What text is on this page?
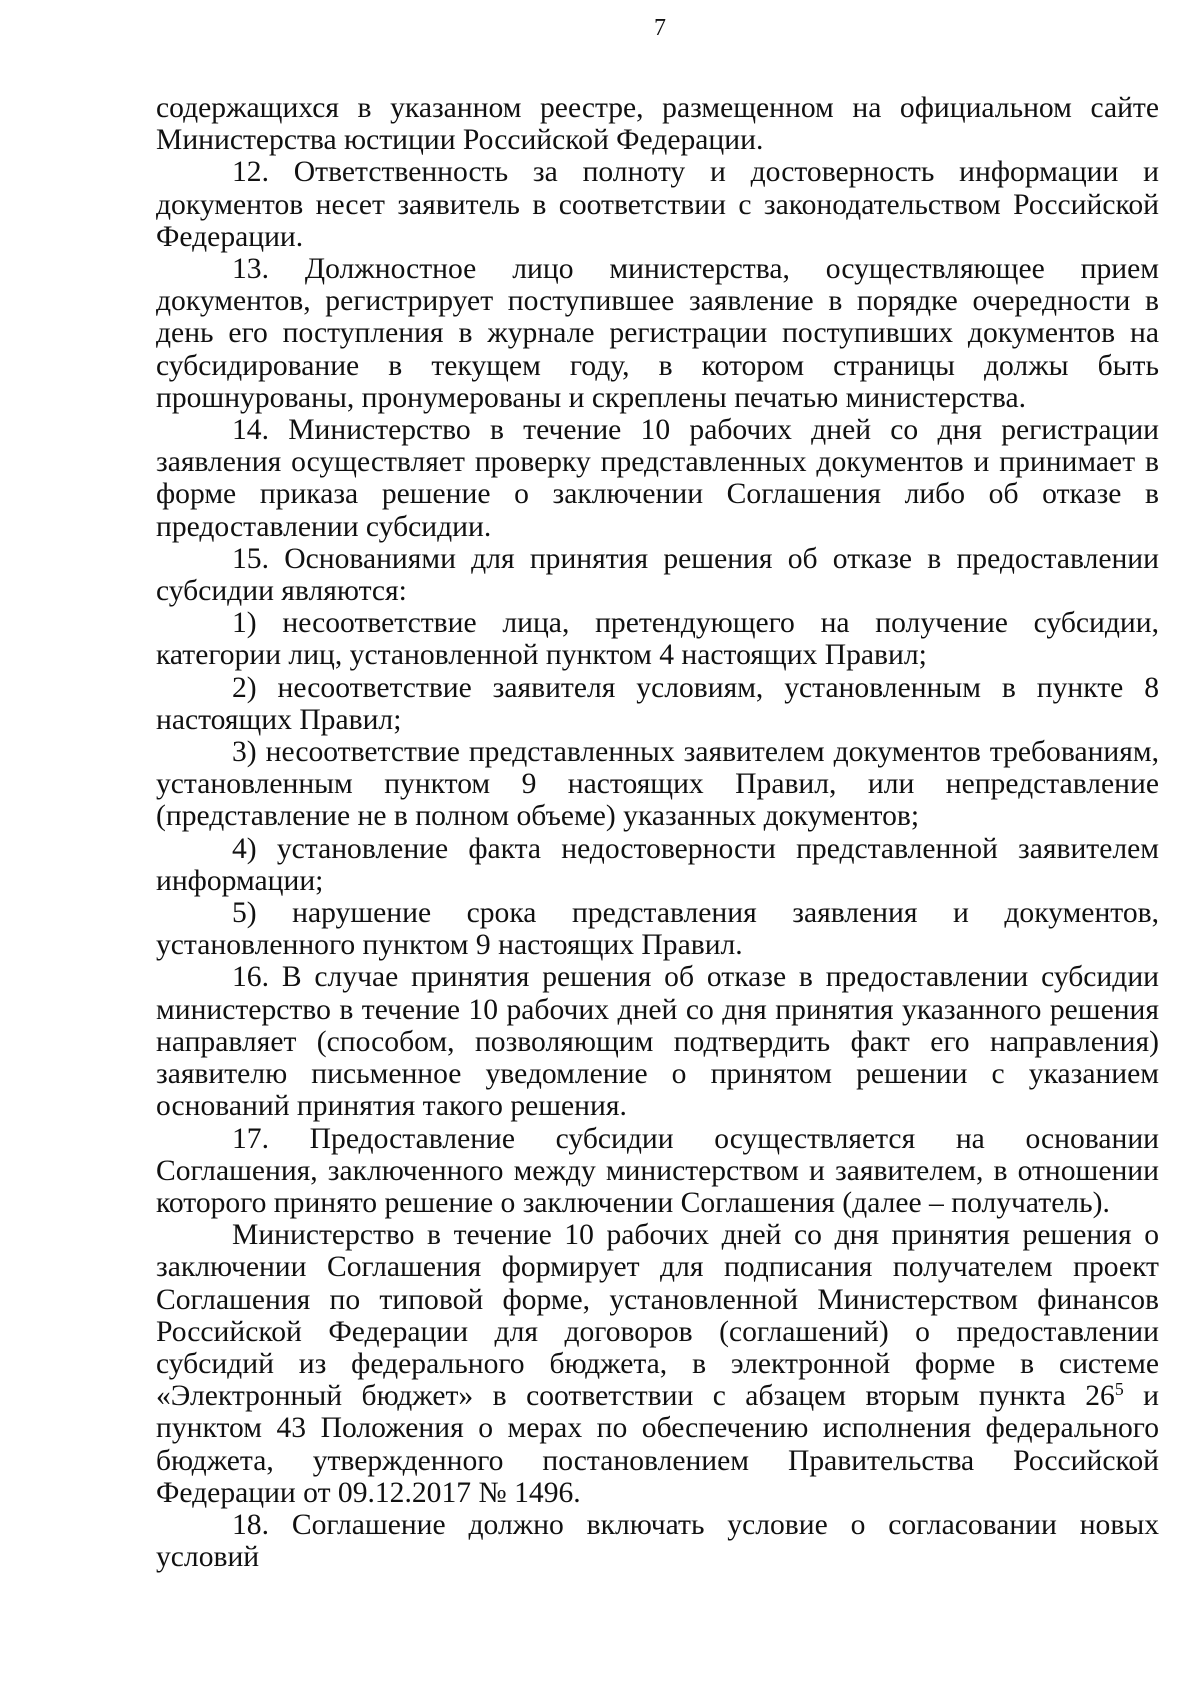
7

содержащихся в указанном реестре, размещенном на официальном сайте Министерства юстиции Российской Федерации.

12. Ответственность за полноту и достоверность информации и документов несет заявитель в соответствии с законодательством Российской Федерации.

13. Должностное лицо министерства, осуществляющее прием документов, регистрирует поступившее заявление в порядке очередности в день его поступления в журнале регистрации поступивших документов на субсидирование в текущем году, в котором страницы должы быть прошнурованы, пронумерованы и скреплены печатью министерства.

14. Министерство в течение 10 рабочих дней со дня регистрации заявления осуществляет проверку представленных документов и принимает в форме приказа решение о заключении Соглашения либо об отказе в предоставлении субсидии.

15. Основаниями для принятия решения об отказе в предоставлении субсидии являются:

1) несоответствие лица, претендующего на получение субсидии, категории лиц, установленной пунктом 4 настоящих Правил;

2) несоответствие заявителя условиям, установленным в пункте 8 настоящих Правил;

3) несоответствие представленных заявителем документов требованиям, установленным пунктом 9 настоящих Правил, или непредставление (представление не в полном объеме) указанных документов;

4) установление факта недостоверности представленной заявителем информации;

5) нарушение срока представления заявления и документов, установленного пунктом 9 настоящих Правил.

16. В случае принятия решения об отказе в предоставлении субсидии министерство в течение 10 рабочих дней со дня принятия указанного решения направляет (способом, позволяющим подтвердить факт его направления) заявителю письменное уведомление о принятом решении с указанием оснований принятия такого решения.

17. Предоставление субсидии осуществляется на основании Соглашения, заключенного между министерством и заявителем, в отношении которого принято решение о заключении Соглашения (далее – получатель).

Министерство в течение 10 рабочих дней со дня принятия решения о заключении Соглашения формирует для подписания получателем проект Соглашения по типовой форме, установленной Министерством финансов Российской Федерации для договоров (соглашений) о предоставлении субсидий из федерального бюджета, в электронной форме в системе «Электронный бюджет» в соответствии с абзацем вторым пункта $26^5$ и пунктом 43 Положения о мерах по обеспечению исполнения федерального бюджета, утвержденного постановлением Правительства Российской Федерации от 09.12.2017 № 1496.

18. Соглашение должно включать условие о согласовании новых условий
